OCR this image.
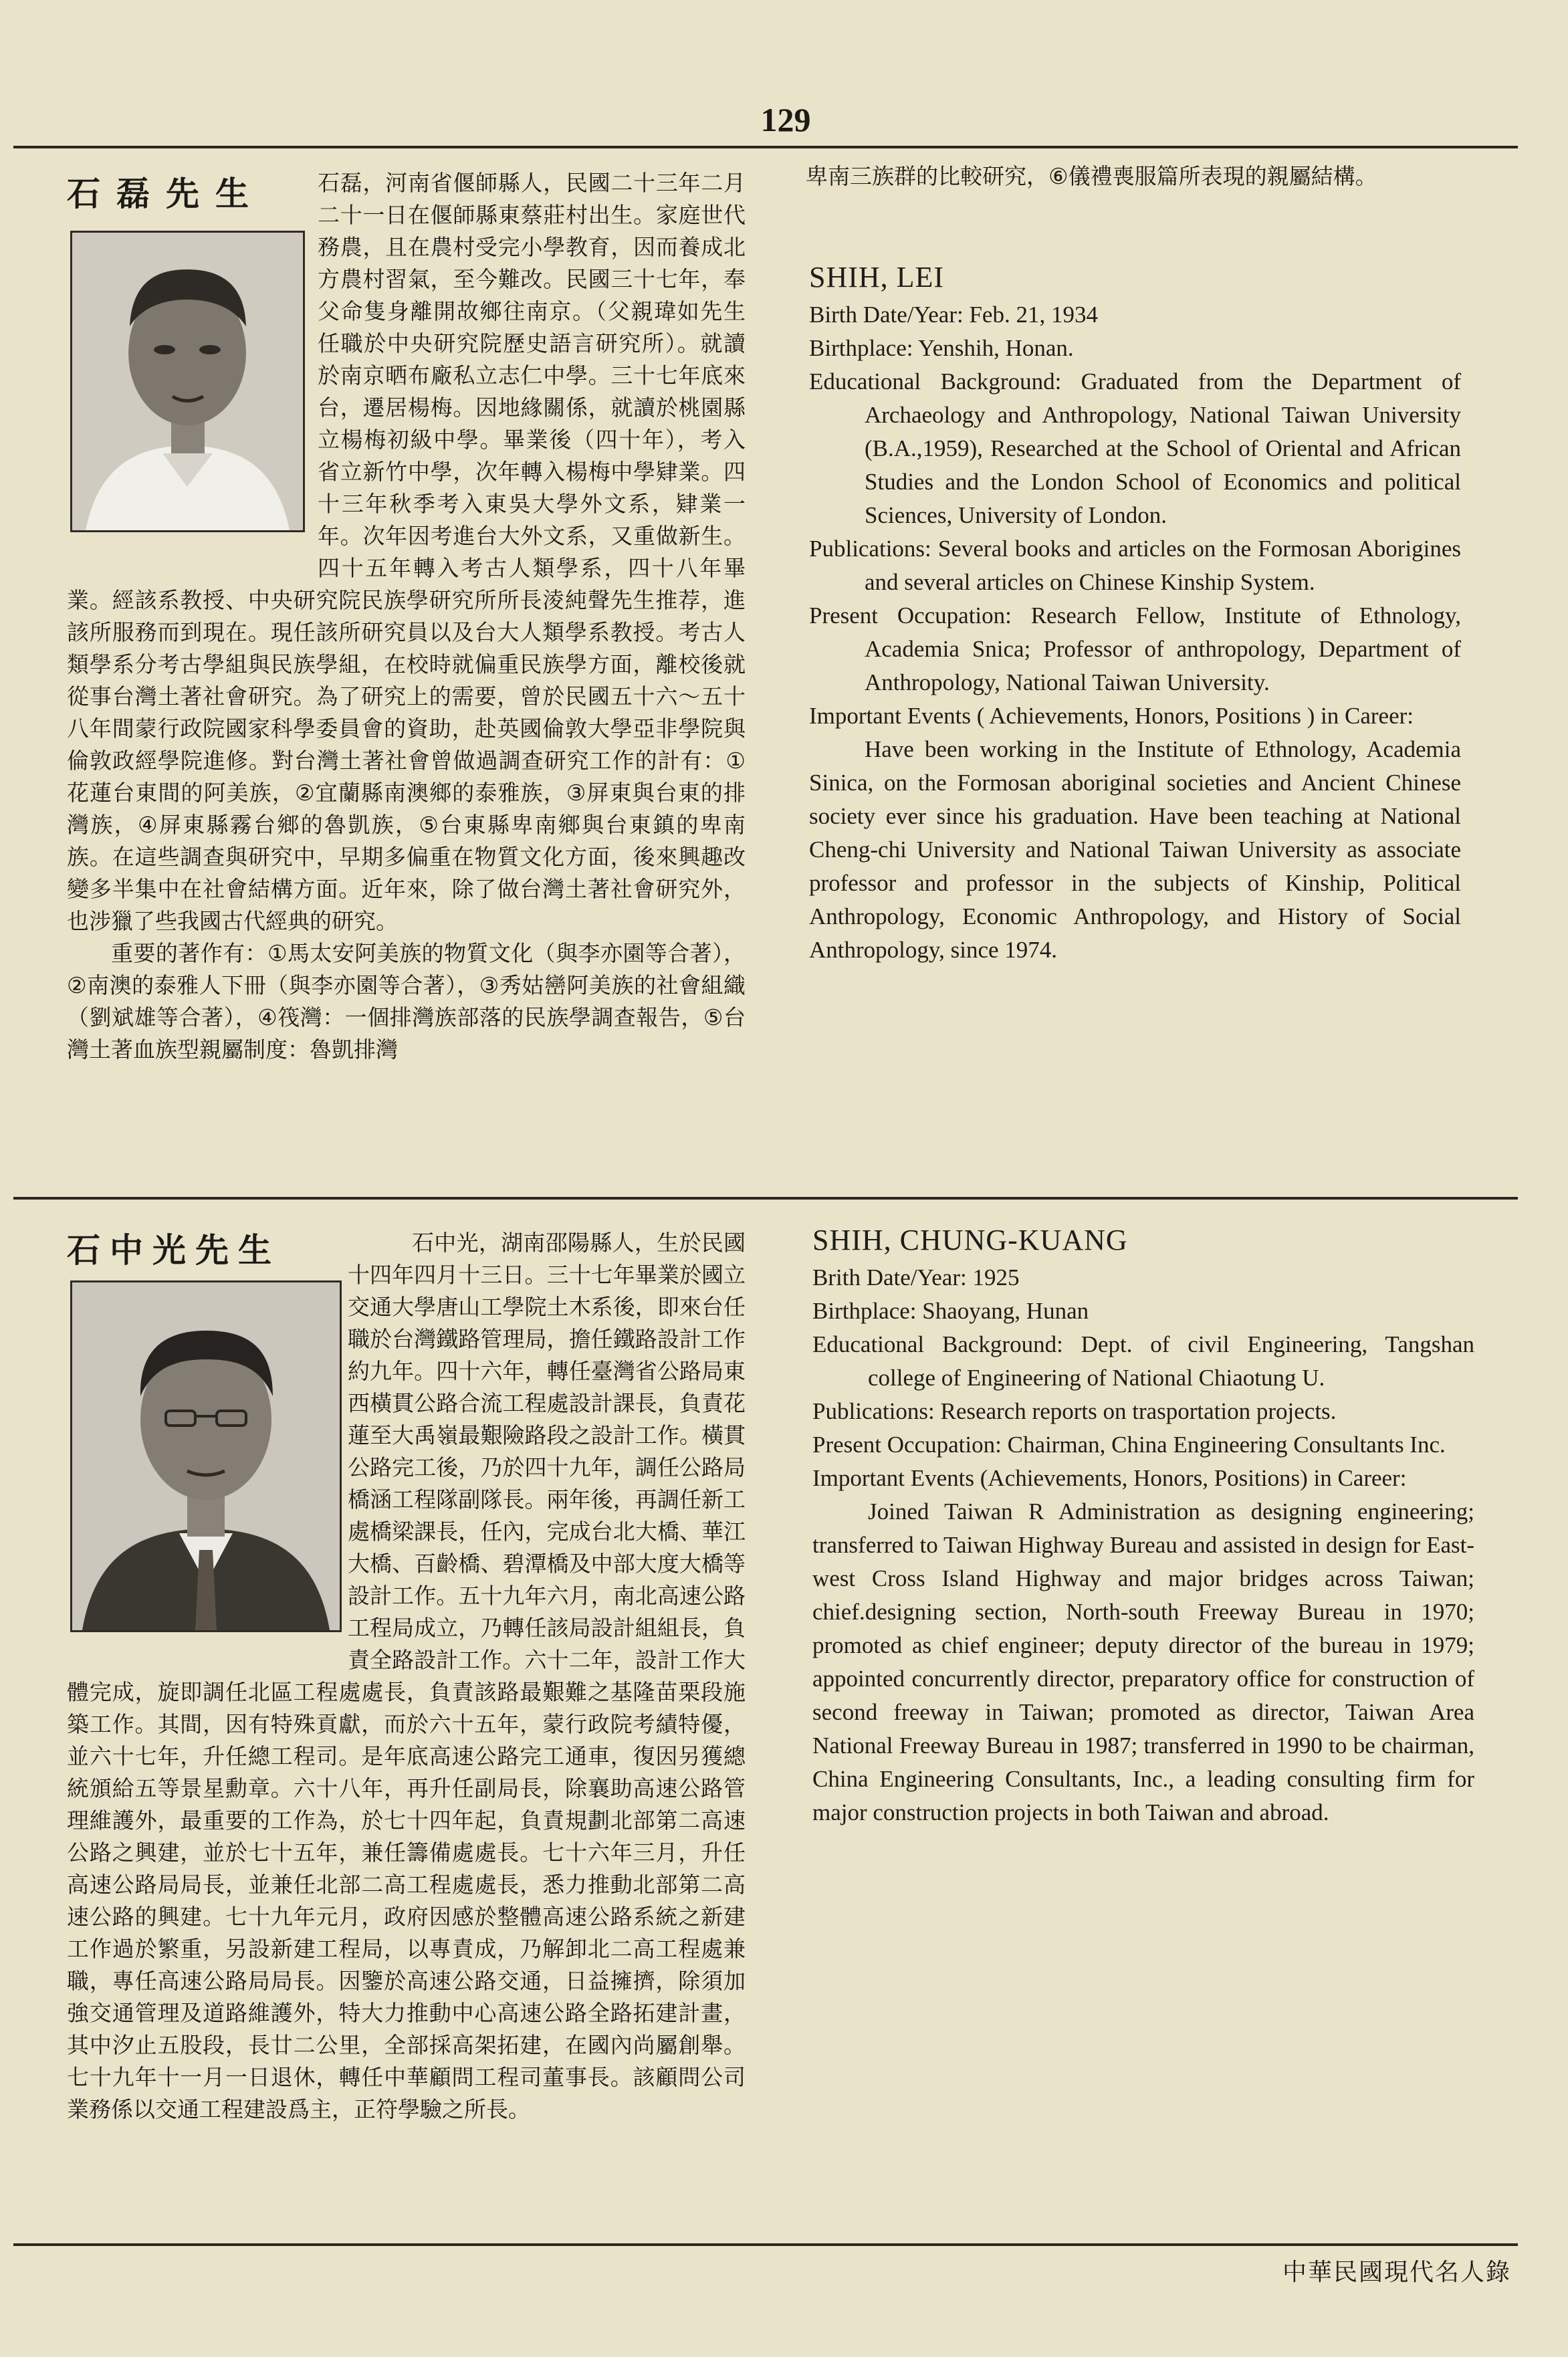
129
石磊先生	石磊，河南省偃師縣人，民國二十三年二月二十一日在偃師縣東蔡莊村出生。家庭世代務農，且在農村受完小學教育，因而養成北方農村習氣，至今難改。民國三十七年，奉父命隻身離開故鄉往南京。（父親瑋如先生任職於中央研究院歷史語言研究所）。就讀於南京晒布廠私立志仁中學。三十七年底來台，遷居楊梅。因地緣關係，就讀於桃園縣立楊梅初級中學。畢業後（四十年），考入省立新竹中學，次年轉入楊梅中學肄業。四十三年秋季考入東吳大學外文系，肄業一年。次年因考進台大外文系，又重做新生。四十五年轉入考古人類學系，四十八年畢業。經該系教授、中央研究院民族學研究所所長淩純聲先生推荐，進該所服務而到現在。現任該所研究員以及台大人類學系教授。考古人類學系分考古學組與民族學組，在校時就偏重民族學方面，離校後就從事台灣土著社會研究。為了研究上的需要，曾於民國五十六～五十八年間蒙行政院國家科學委員會的資助，赴英國倫敦大學亞非學院與倫敦政經學院進修。對台灣土著社會曾做過調查研究工作的計有：①花蓮台東間的阿美族，②宜蘭縣南澳鄉的泰雅族，③屏東與台東的排灣族，④屏東縣霧台鄉的魯凱族，⑤台東縣卑南鄉與台東鎮的卑南族。在這些調查與研究中，早期多偏重在物質文化方面，後來興趣改變多半集中在社會結構方面。近年來，除了做台灣土著社會研究外，也涉獵了些我國古代經典的研究。

重要的著作有：①馬太安阿美族的物質文化（與李亦園等合著），②南澳的泰雅人下冊（與李亦園等合著），③秀姑巒阿美族的社會組織（劉斌雄等合著），④筏灣：一個排灣族部落的民族學調查報告，⑤台灣土著血族型親屬制度：魯凱排灣

卑南三族群的比較研究，⑥儀禮喪服篇所表現的親屬結構。
SHIH, LEI

Birth Date/Year: Feb. 21, 1934

Birthplace: Yenshih, Honan.

Educational Background: Graduated from the Department of Archaeology and Anthropology, National Taiwan University (B.A.,1959), Researched at the School of Oriental and African Studies and the London School of Economics and political Sciences, University of London.

Publications: Several books and articles on the Formosan Aborigines and several articles on Chinese Kinship System.

Present Occupation: Research Fellow, Institute of Ethnology, Academia Snica; Professor of anthropology, Department of Anthropology, National Taiwan University.

Important Events ( Achievements, Honors, Positions ) in Career:

Have been working in the Institute of Ethnology, Academia Sinica, on the Formosan aboriginal societies and Ancient Chinese society ever since his graduation. Have been teaching at National Cheng-chi University and National Taiwan University as associate professor and professor in the subjects of Kinship, Political Anthropology, Economic Anthropology, and History of Social Anthropology, since 1974.

石中光先生	石中光，湖南邵陽縣人，生於民國十四年四月十三日。三十七年畢業於國立交通大學唐山工學院土木系後，即來台任職於台灣鐵路管理局，擔任鐵路設計工作約九年。四十六年，轉任臺灣省公路局東西橫貫公路合流工程處設計課長，負責花蓮至大禹嶺最艱險路段之設計工作。橫貫公路完工後，乃於四十九年，調任公路局橋涵工程隊副隊長。兩年後，再調任新工處橋梁課長，任內，完成台北大橋、華江大橋、百齡橋、碧潭橋及中部大度大橋等設計工作。五十九年六月，南北高速公路工程局成立，乃轉任該局設計組組長，負責全路設計工作。六十二年，設計工作大體完成，旋即調任北區工程處處長，負責該路最艱難之基隆苗栗段施築工作。其間，因有特殊貢獻，而於六十五年，蒙行政院考績特優，並六十七年，升任總工程司。是年底高速公路完工通車，復因另獲總統頒給五等景星勳章。六十八年，再升任副局長，除襄助高速公路管理維護外，最重要的工作為，於七十四年起，負責規劃北部第二高速公路之興建，並於七十五年，兼任籌備處處長。七十六年三月，升任高速公路局局長，並兼任北部二高工程處處長，悉力推動北部第二高速公路的興建。七十九年元月，政府因感於整體高速公路系統之新建工作過於繁重，另設新建工程局，以專責成，乃解卸北二高工程處兼職，專任高速公路局局長。因鑒於高速公路交通，日益擁擠，除須加強交通管理及道路維護外，特大力推動中心高速公路全路拓建計畫，其中汐止五股段，長廿二公里，全部採高架拓建，在國內尚屬創舉。七十九年十一月一日退休，轉任中華顧問工程司董事長。該顧問公司業務係以交通工程建設爲主，正符學驗之所長。

SHIH, CHUNG-KUANG

Brith Date/Year: 1925

Birthplace: Shaoyang, Hunan

Educational Background: Dept. of civil Engineering, Tangshan college of Engineering of National Chiaotung U.

Publications: Research reports on trasportation projects.

Present Occupation: Chairman, China Engineering Consultants Inc.

Important Events (Achievements, Honors, Positions) in Career:

Joined Taiwan R Administration as designing engineering; transferred to Taiwan Highway Bureau and assisted in design for East-west Cross Island Highway and major bridges across Taiwan; chief.designing section, North-south Freeway Bureau in 1970; promoted as chief engineer; deputy director of the bureau in 1979; appointed concurrently director, preparatory office for construction of second freeway in Taiwan; promoted as director, Taiwan Area National Freeway Bureau in 1987; transferred in 1990 to be chairman, China Engineering Consultants, Inc., a leading consulting firm for major construction projects in both Taiwan and abroad.

中華民國現代名人錄
